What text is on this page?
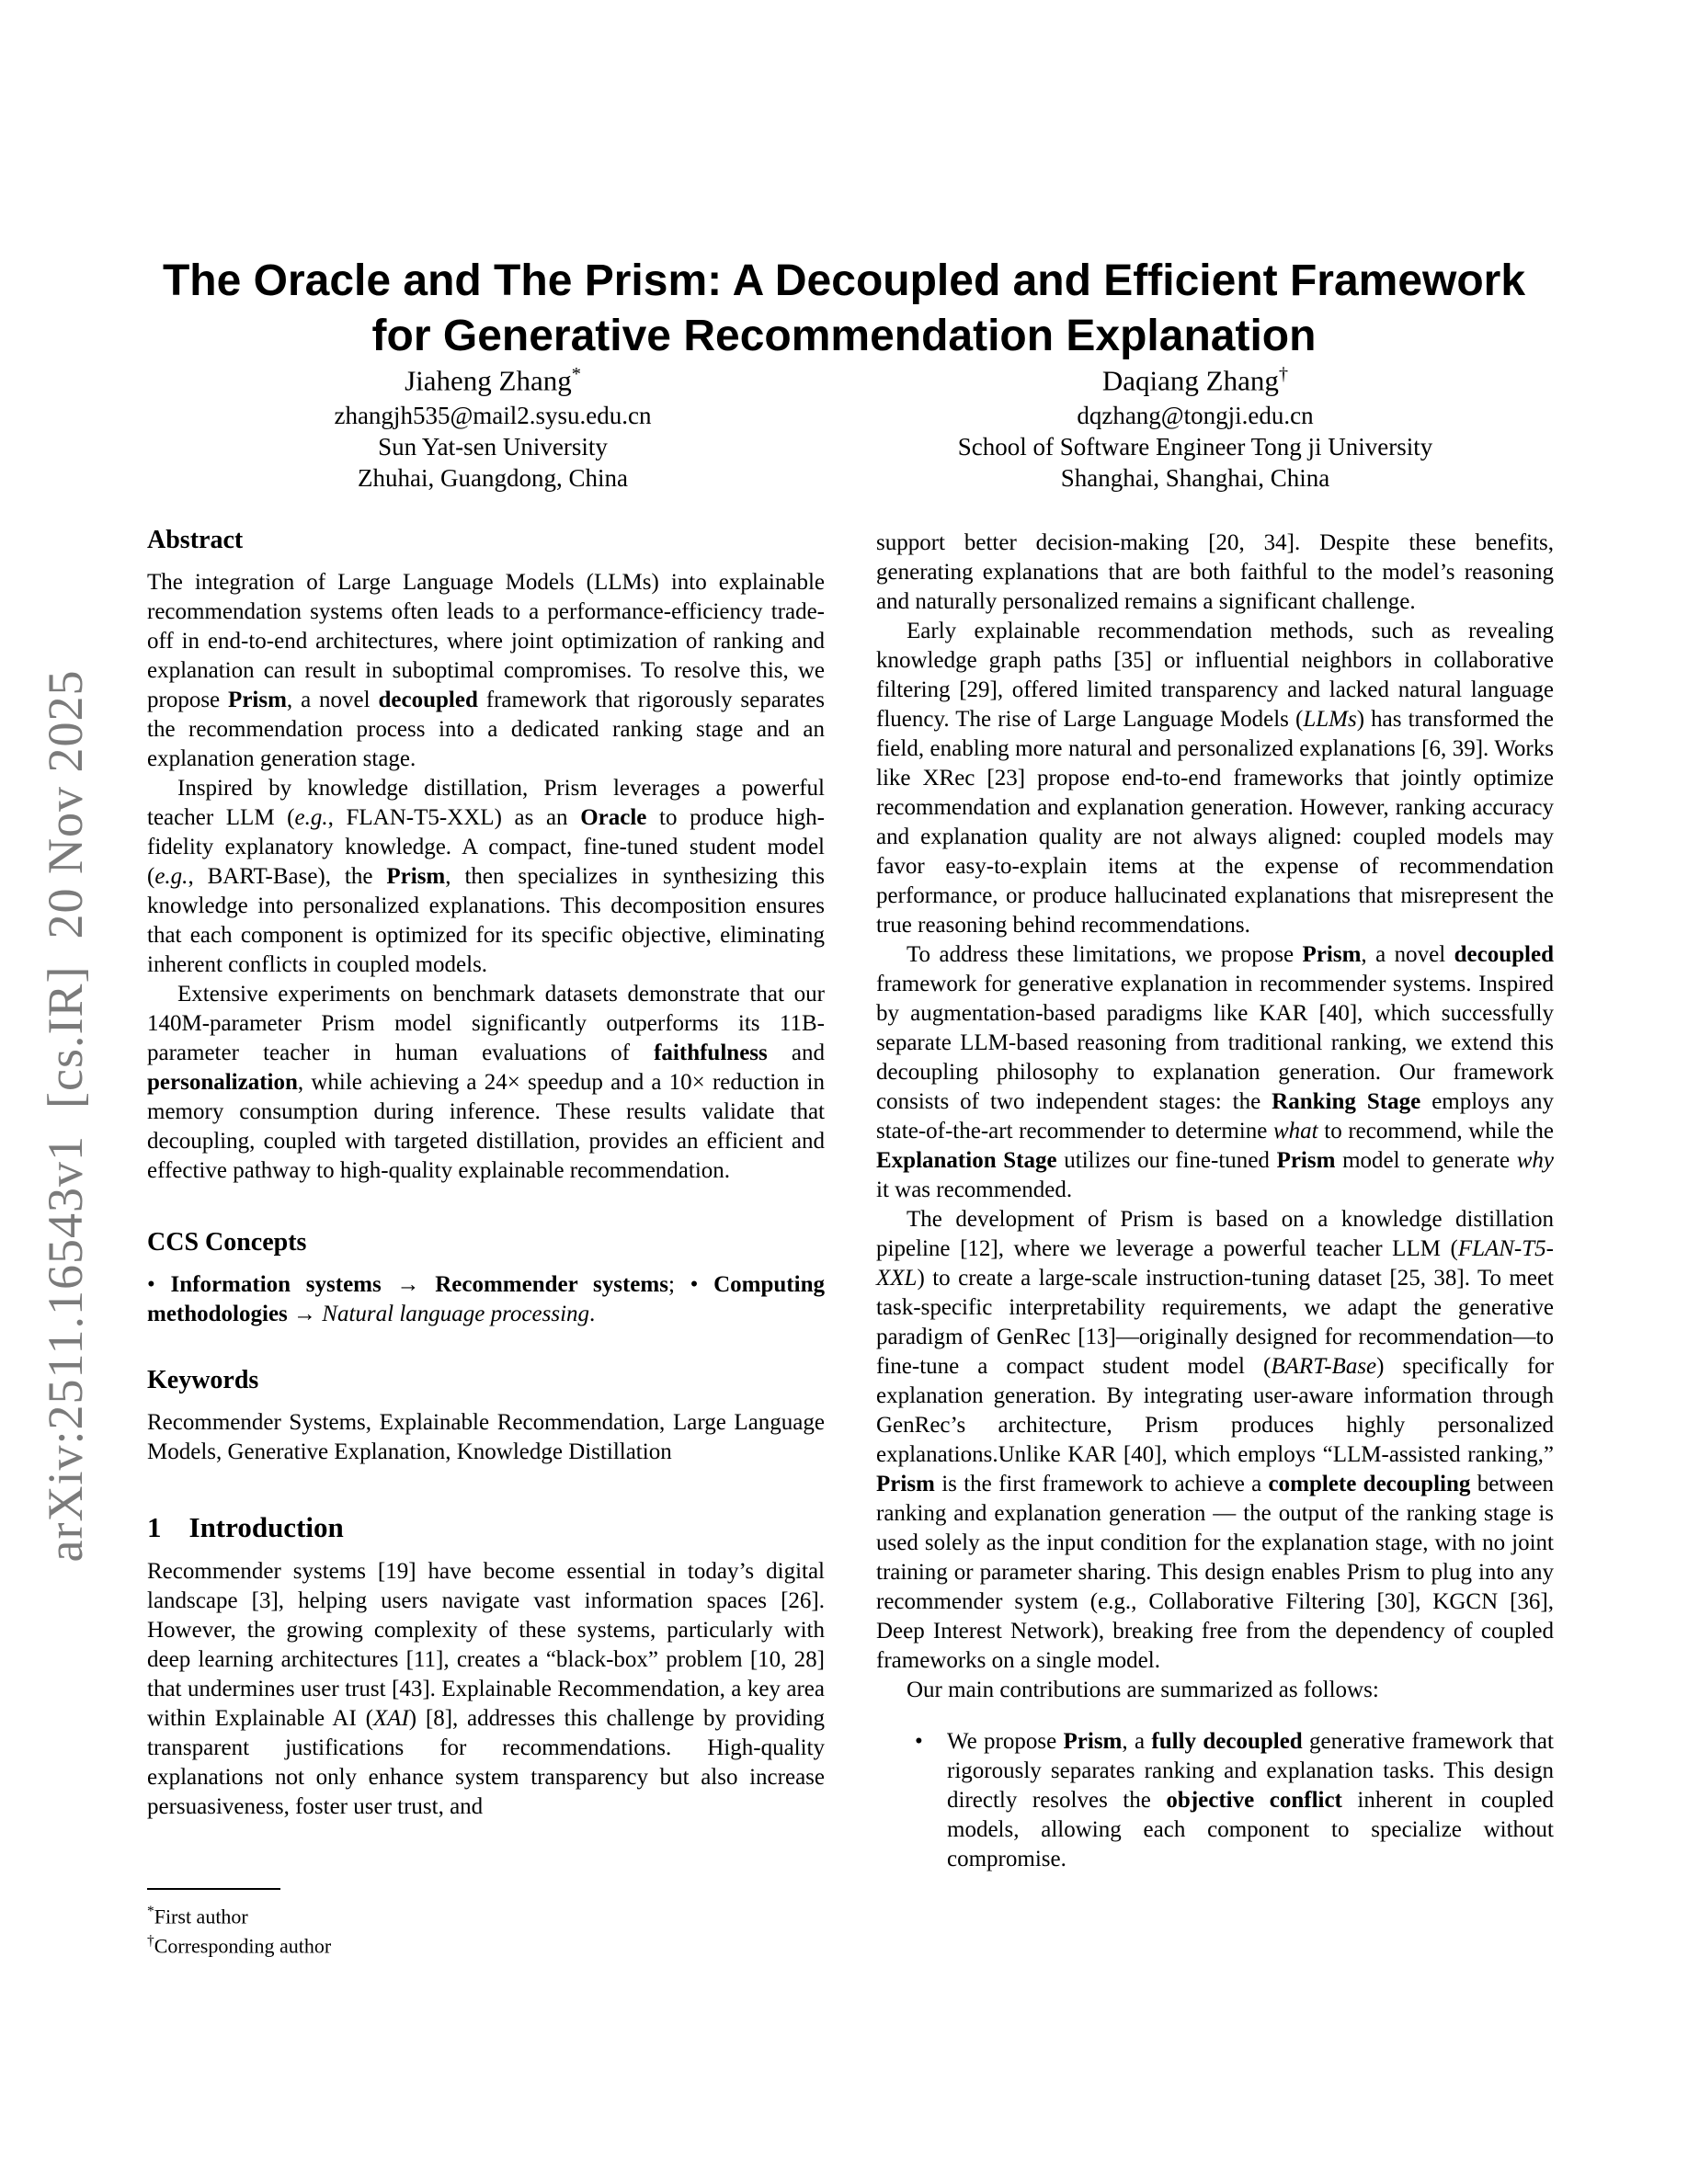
arXiv:2511.16543v1  [cs.IR]  20 Nov 2025
The Oracle and The Prism: A Decoupled and Efficient Framework
for Generative Recommendation Explanation
Jiaheng Zhang*
zhangjh535@mail2.sysu.edu.cn
Sun Yat-sen University
Zhuhai, Guangdong, China
Daqiang Zhang†
dqzhang@tongji.edu.cn
School of Software Engineer Tong ji University
Shanghai, Shanghai, China
Abstract

The integration of Large Language Models (LLMs) into explainable recommendation systems often leads to a performance-efficiency trade-off in end-to-end architectures, where joint optimization of ranking and explanation can result in suboptimal compromises. To resolve this, we propose Prism, a novel decoupled framework that rigorously separates the recommendation process into a dedicated ranking stage and an explanation generation stage.

Inspired by knowledge distillation, Prism leverages a powerful teacher LLM (e.g., FLAN-T5-XXL) as an Oracle to produce high-fidelity explanatory knowledge. A compact, fine-tuned student model (e.g., BART-Base), the Prism, then specializes in synthesizing this knowledge into personalized explanations. This decomposition ensures that each component is optimized for its specific objective, eliminating inherent conflicts in coupled models.

Extensive experiments on benchmark datasets demonstrate that our 140M-parameter Prism model significantly outperforms its 11B-parameter teacher in human evaluations of faithfulness and personalization, while achieving a 24× speedup and a 10× reduction in memory consumption during inference. These results validate that decoupling, coupled with targeted distillation, provides an efficient and effective pathway to high-quality explainable recommendation.

CCS Concepts

• Information systems → Recommender systems; • Computing methodologies → Natural language processing.

Keywords

Recommender Systems, Explainable Recommendation, Large Language Models, Generative Explanation, Knowledge Distillation

1 Introduction

Recommender systems [19] have become essential in today’s digital landscape [3], helping users navigate vast information spaces [26]. However, the growing complexity of these systems, particularly with deep learning architectures [11], creates a “black-box” problem [10, 28] that undermines user trust [43]. Explainable Recommendation, a key area within Explainable AI (XAI) [8], addresses this challenge by providing transparent justifications for recommendations. High-quality explanations not only enhance system transparency but also increase persuasiveness, foster user trust, and

support better decision-making [20, 34]. Despite these benefits, generating explanations that are both faithful to the model’s reasoning and naturally personalized remains a significant challenge.

Early explainable recommendation methods, such as revealing knowledge graph paths [35] or influential neighbors in collaborative filtering [29], offered limited transparency and lacked natural language fluency. The rise of Large Language Models (LLMs) has transformed the field, enabling more natural and personalized explanations [6, 39]. Works like XRec [23] propose end-to-end frameworks that jointly optimize recommendation and explanation generation. However, ranking accuracy and explanation quality are not always aligned: coupled models may favor easy-to-explain items at the expense of recommendation performance, or produce hallucinated explanations that misrepresent the true reasoning behind recommendations.

To address these limitations, we propose Prism, a novel decoupled framework for generative explanation in recommender systems. Inspired by augmentation-based paradigms like KAR [40], which successfully separate LLM-based reasoning from traditional ranking, we extend this decoupling philosophy to explanation generation. Our framework consists of two independent stages: the Ranking Stage employs any state-of-the-art recommender to determine what to recommend, while the Explanation Stage utilizes our fine-tuned Prism model to generate why it was recommended.

The development of Prism is based on a knowledge distillation pipeline [12], where we leverage a powerful teacher LLM (FLAN-T5-XXL) to create a large-scale instruction-tuning dataset [25, 38]. To meet task-specific interpretability requirements, we adapt the generative paradigm of GenRec [13]—originally designed for recommendation—to fine-tune a compact student model (BART-Base) specifically for explanation generation. By integrating user-aware information through GenRec’s architecture, Prism produces highly personalized explanations.Unlike KAR [40], which employs “LLM-assisted ranking,” Prism is the first framework to achieve a complete decoupling between ranking and explanation generation — the output of the ranking stage is used solely as the input condition for the explanation stage, with no joint training or parameter sharing. This design enables Prism to plug into any recommender system (e.g., Collaborative Filtering [30], KGCN [36], Deep Interest Network), breaking free from the dependency of coupled frameworks on a single model.

Our main contributions are summarized as follows:

•	We propose Prism, a fully decoupled generative framework that rigorously separates ranking and explanation tasks. This design directly resolves the objective conflict inherent in coupled models, allowing each component to specialize without compromise.
*First author
†Corresponding author
